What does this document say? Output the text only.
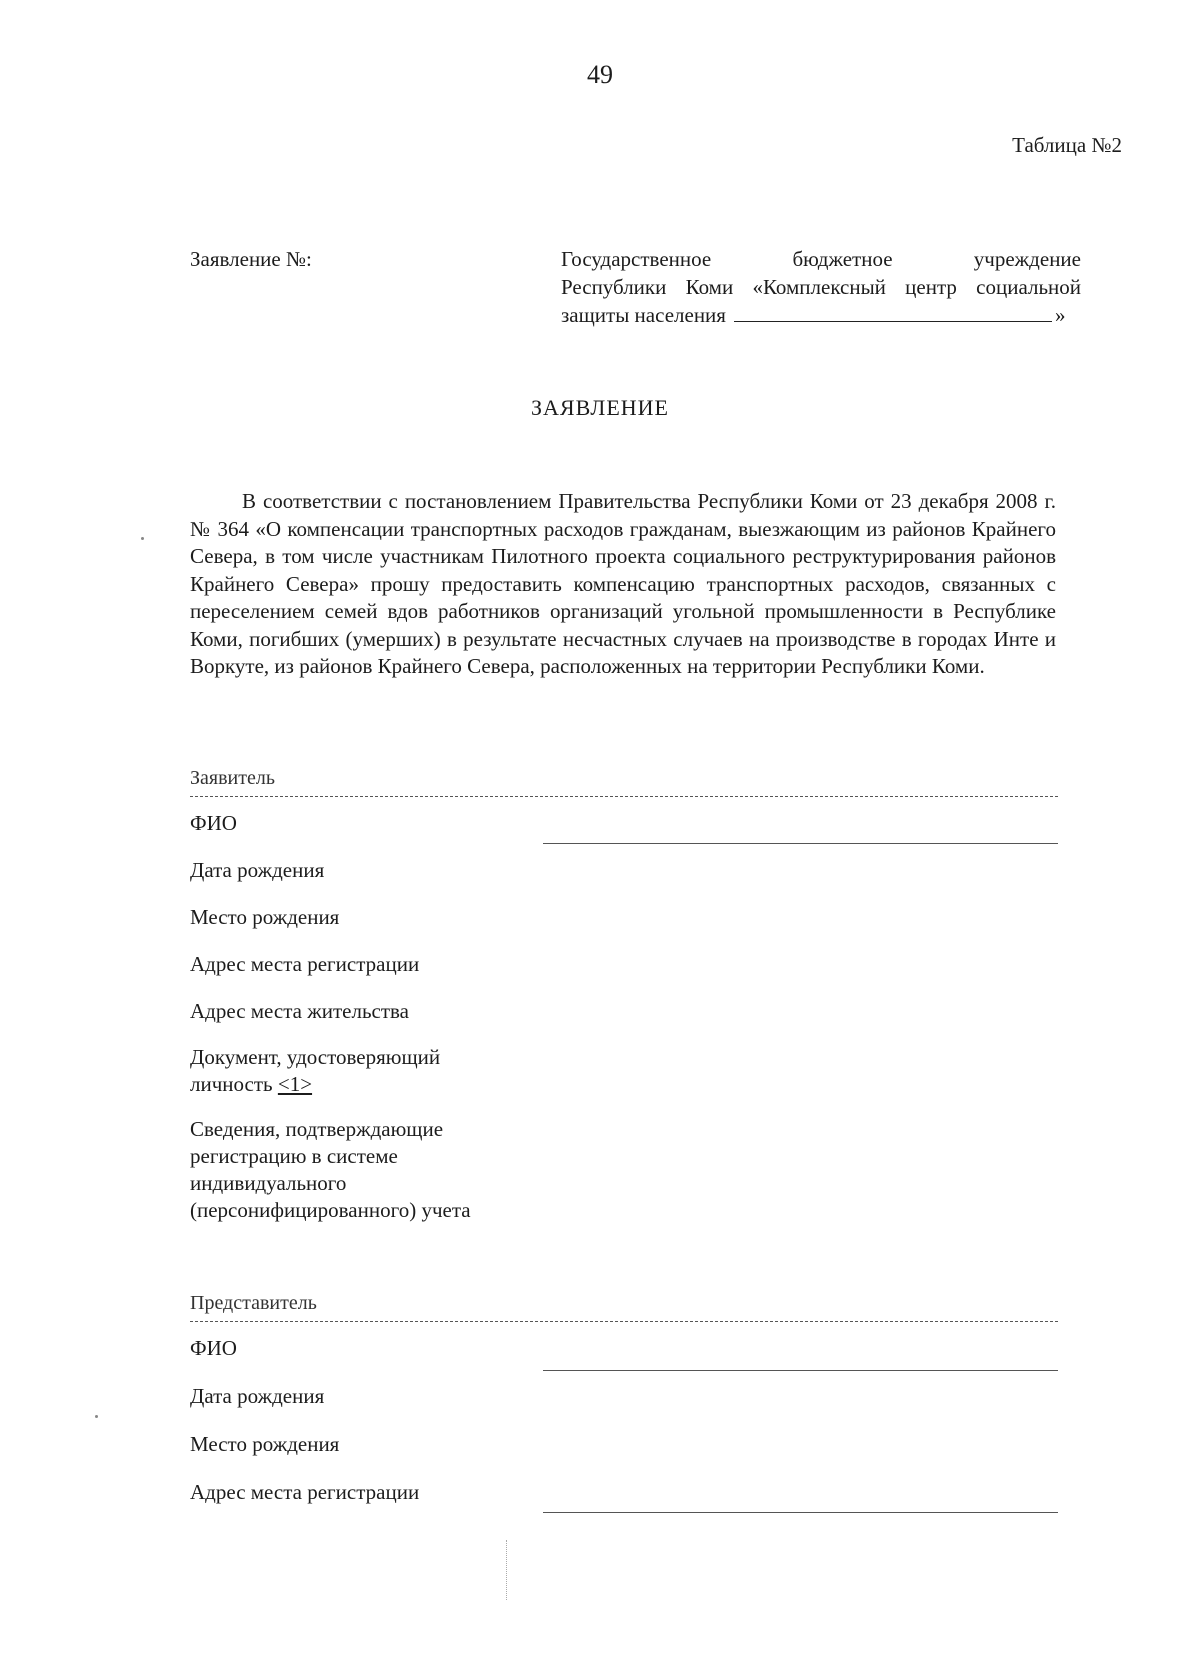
49
Таблица №2
Заявление №:	Государственное бюджетное учреждение
Республики Коми «Комплексный центр социальной
защиты населения	»
ЗАЯВЛЕНИЕ

В соответствии с постановлением Правительства Республики Коми от 23 декабря 2008 г. № 364 «О компенсации транспортных расходов гражданам, выезжающим из районов Крайнего Севера, в том числе участникам Пилотного проекта социального реструктурирования районов Крайнего Севера» прошу предоставить компенсацию транспортных расходов, связанных с переселением семей вдов работников организаций угольной промышленности в Республике Коми, погибших (умерших) в результате несчастных случаев на производстве в городах Инте и Воркуте, из районов Крайнего Севера, расположенных на территории Республики Коми.

Заявитель
ФИО
Дата рождения
Место рождения
Адрес места регистрации
Адрес места жительства
Документ, удостоверяющий личность <1>
Сведения, подтверждающие регистрацию в системе индивидуального (персонифицированного) учета
Представитель
ФИО
Дата рождения
Место рождения
Адрес места регистрации
